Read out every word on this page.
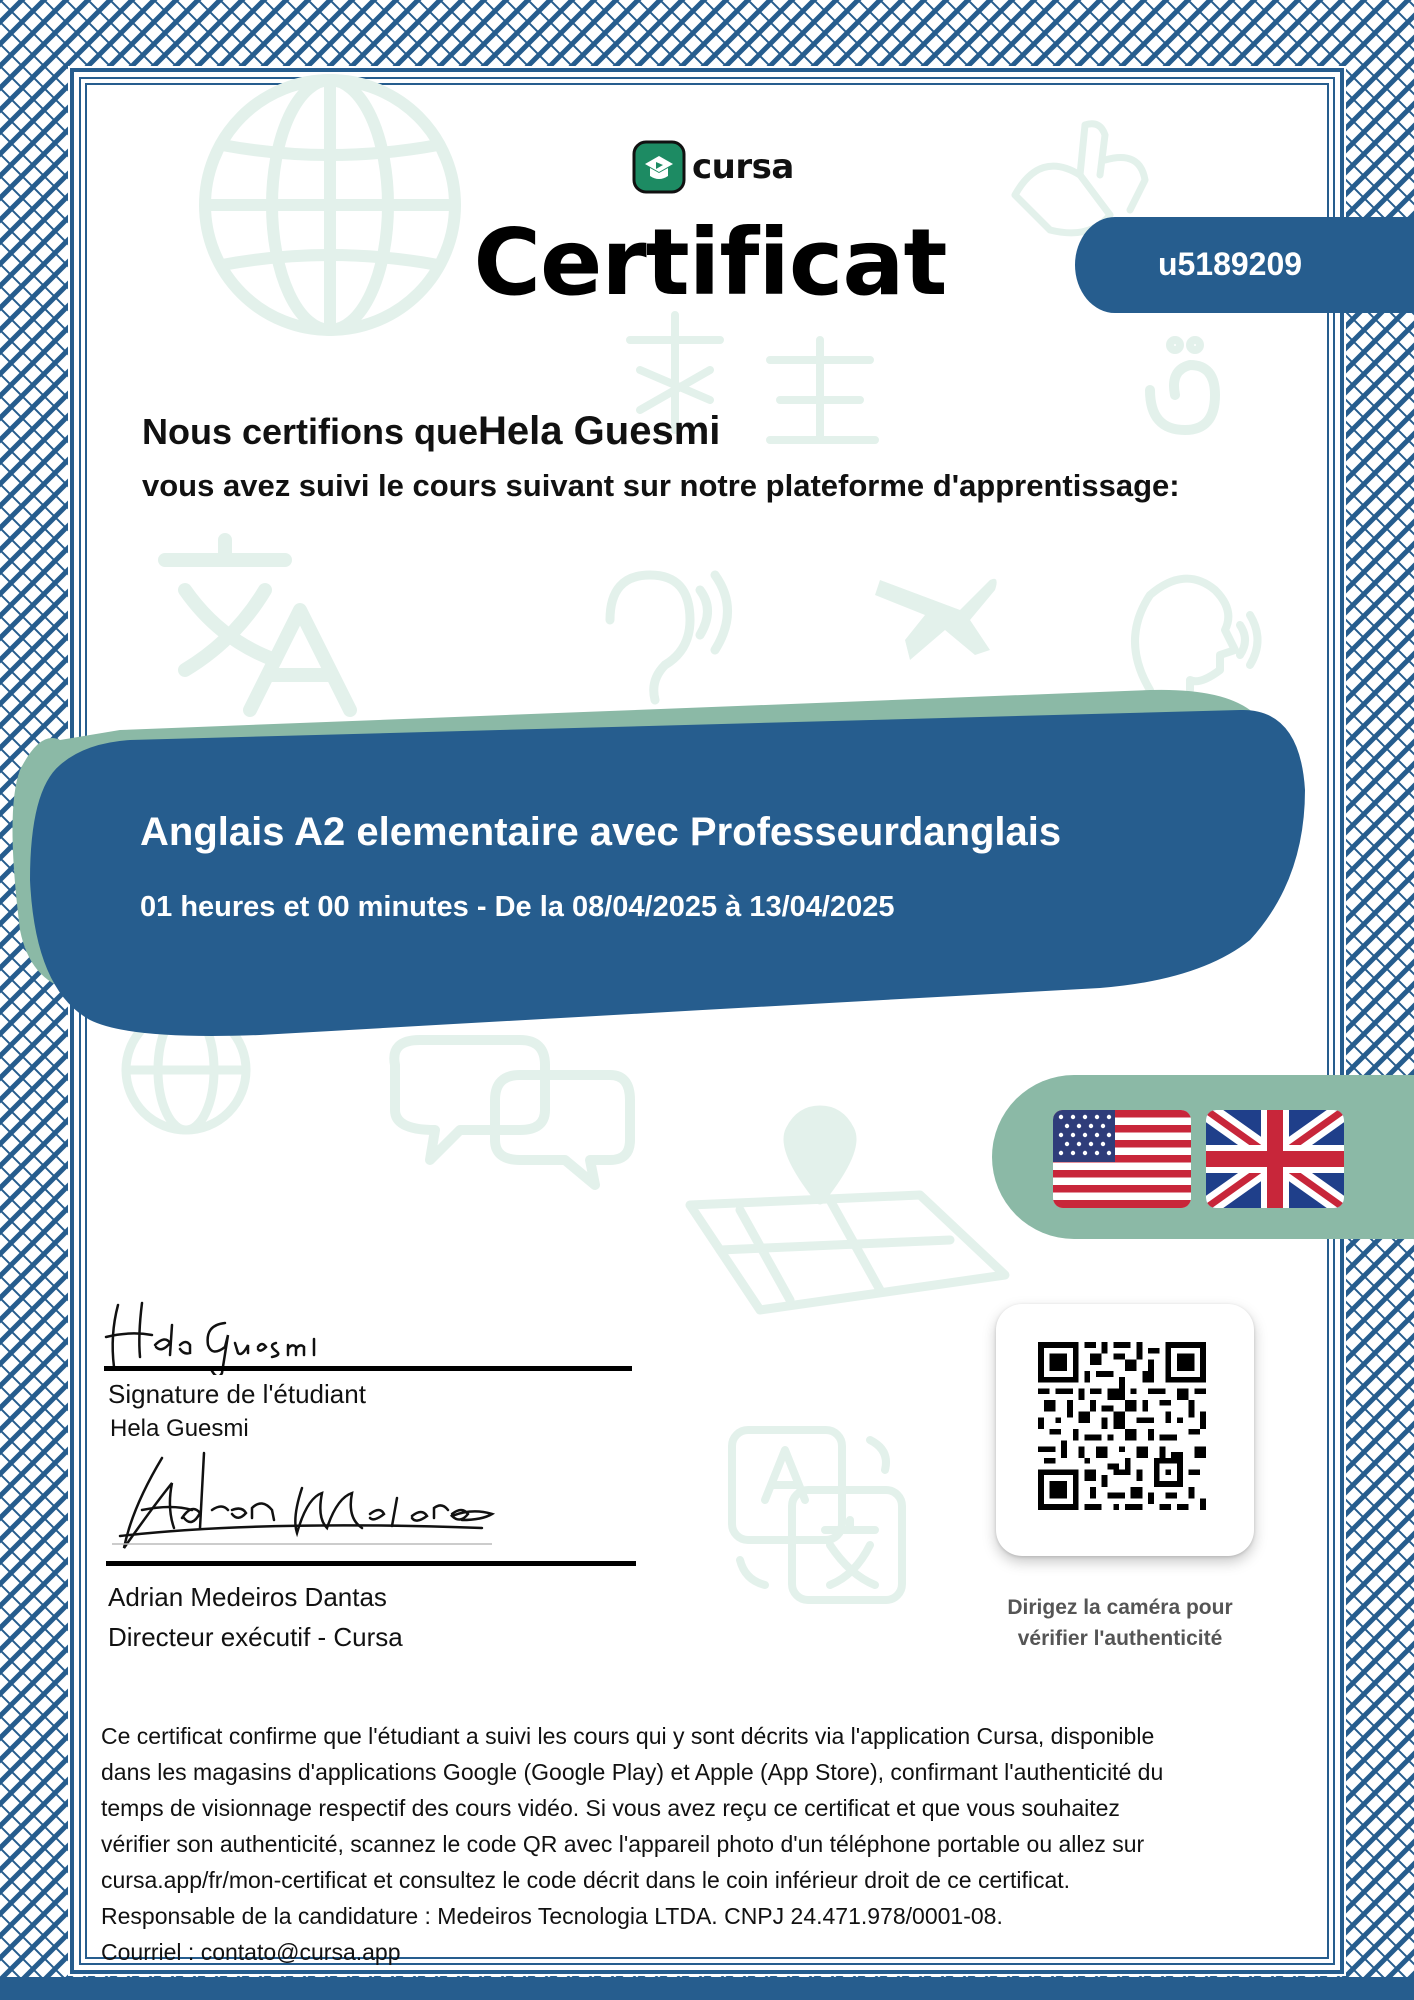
cursa
Certificat	u5189209
Nous certifions queHela Guesmi
vous avez suivi le cours suivant sur notre plateforme d'apprentissage:
Anglais A2 elementaire avec Professeurdanglais
01 heures et 00 minutes - De la 08/04/2025 à 13/04/2025
Signature de l'étudiant
Hela Guesmi
Adrian Medeiros Dantas
Directeur exécutif - Cursa
Dirigez la caméra pour
vérifier l'authenticité
Ce certificat confirme que l'étudiant a suivi les cours qui y sont décrits via l'application Cursa, disponible
dans les magasins d'applications Google (Google Play) et Apple (App Store), confirmant l'authenticité du
temps de visionnage respectif des cours vidéo. Si vous avez reçu ce certificat et que vous souhaitez
vérifier son authenticité, scannez le code QR avec l'appareil photo d'un téléphone portable ou allez sur
cursa.app/fr/mon-certificat et consultez le code décrit dans le coin inférieur droit de ce certificat.
Responsable de la candidature : Medeiros Tecnologia LTDA. CNPJ 24.471.978/0001-08.
Courriel : contato@cursa.app
